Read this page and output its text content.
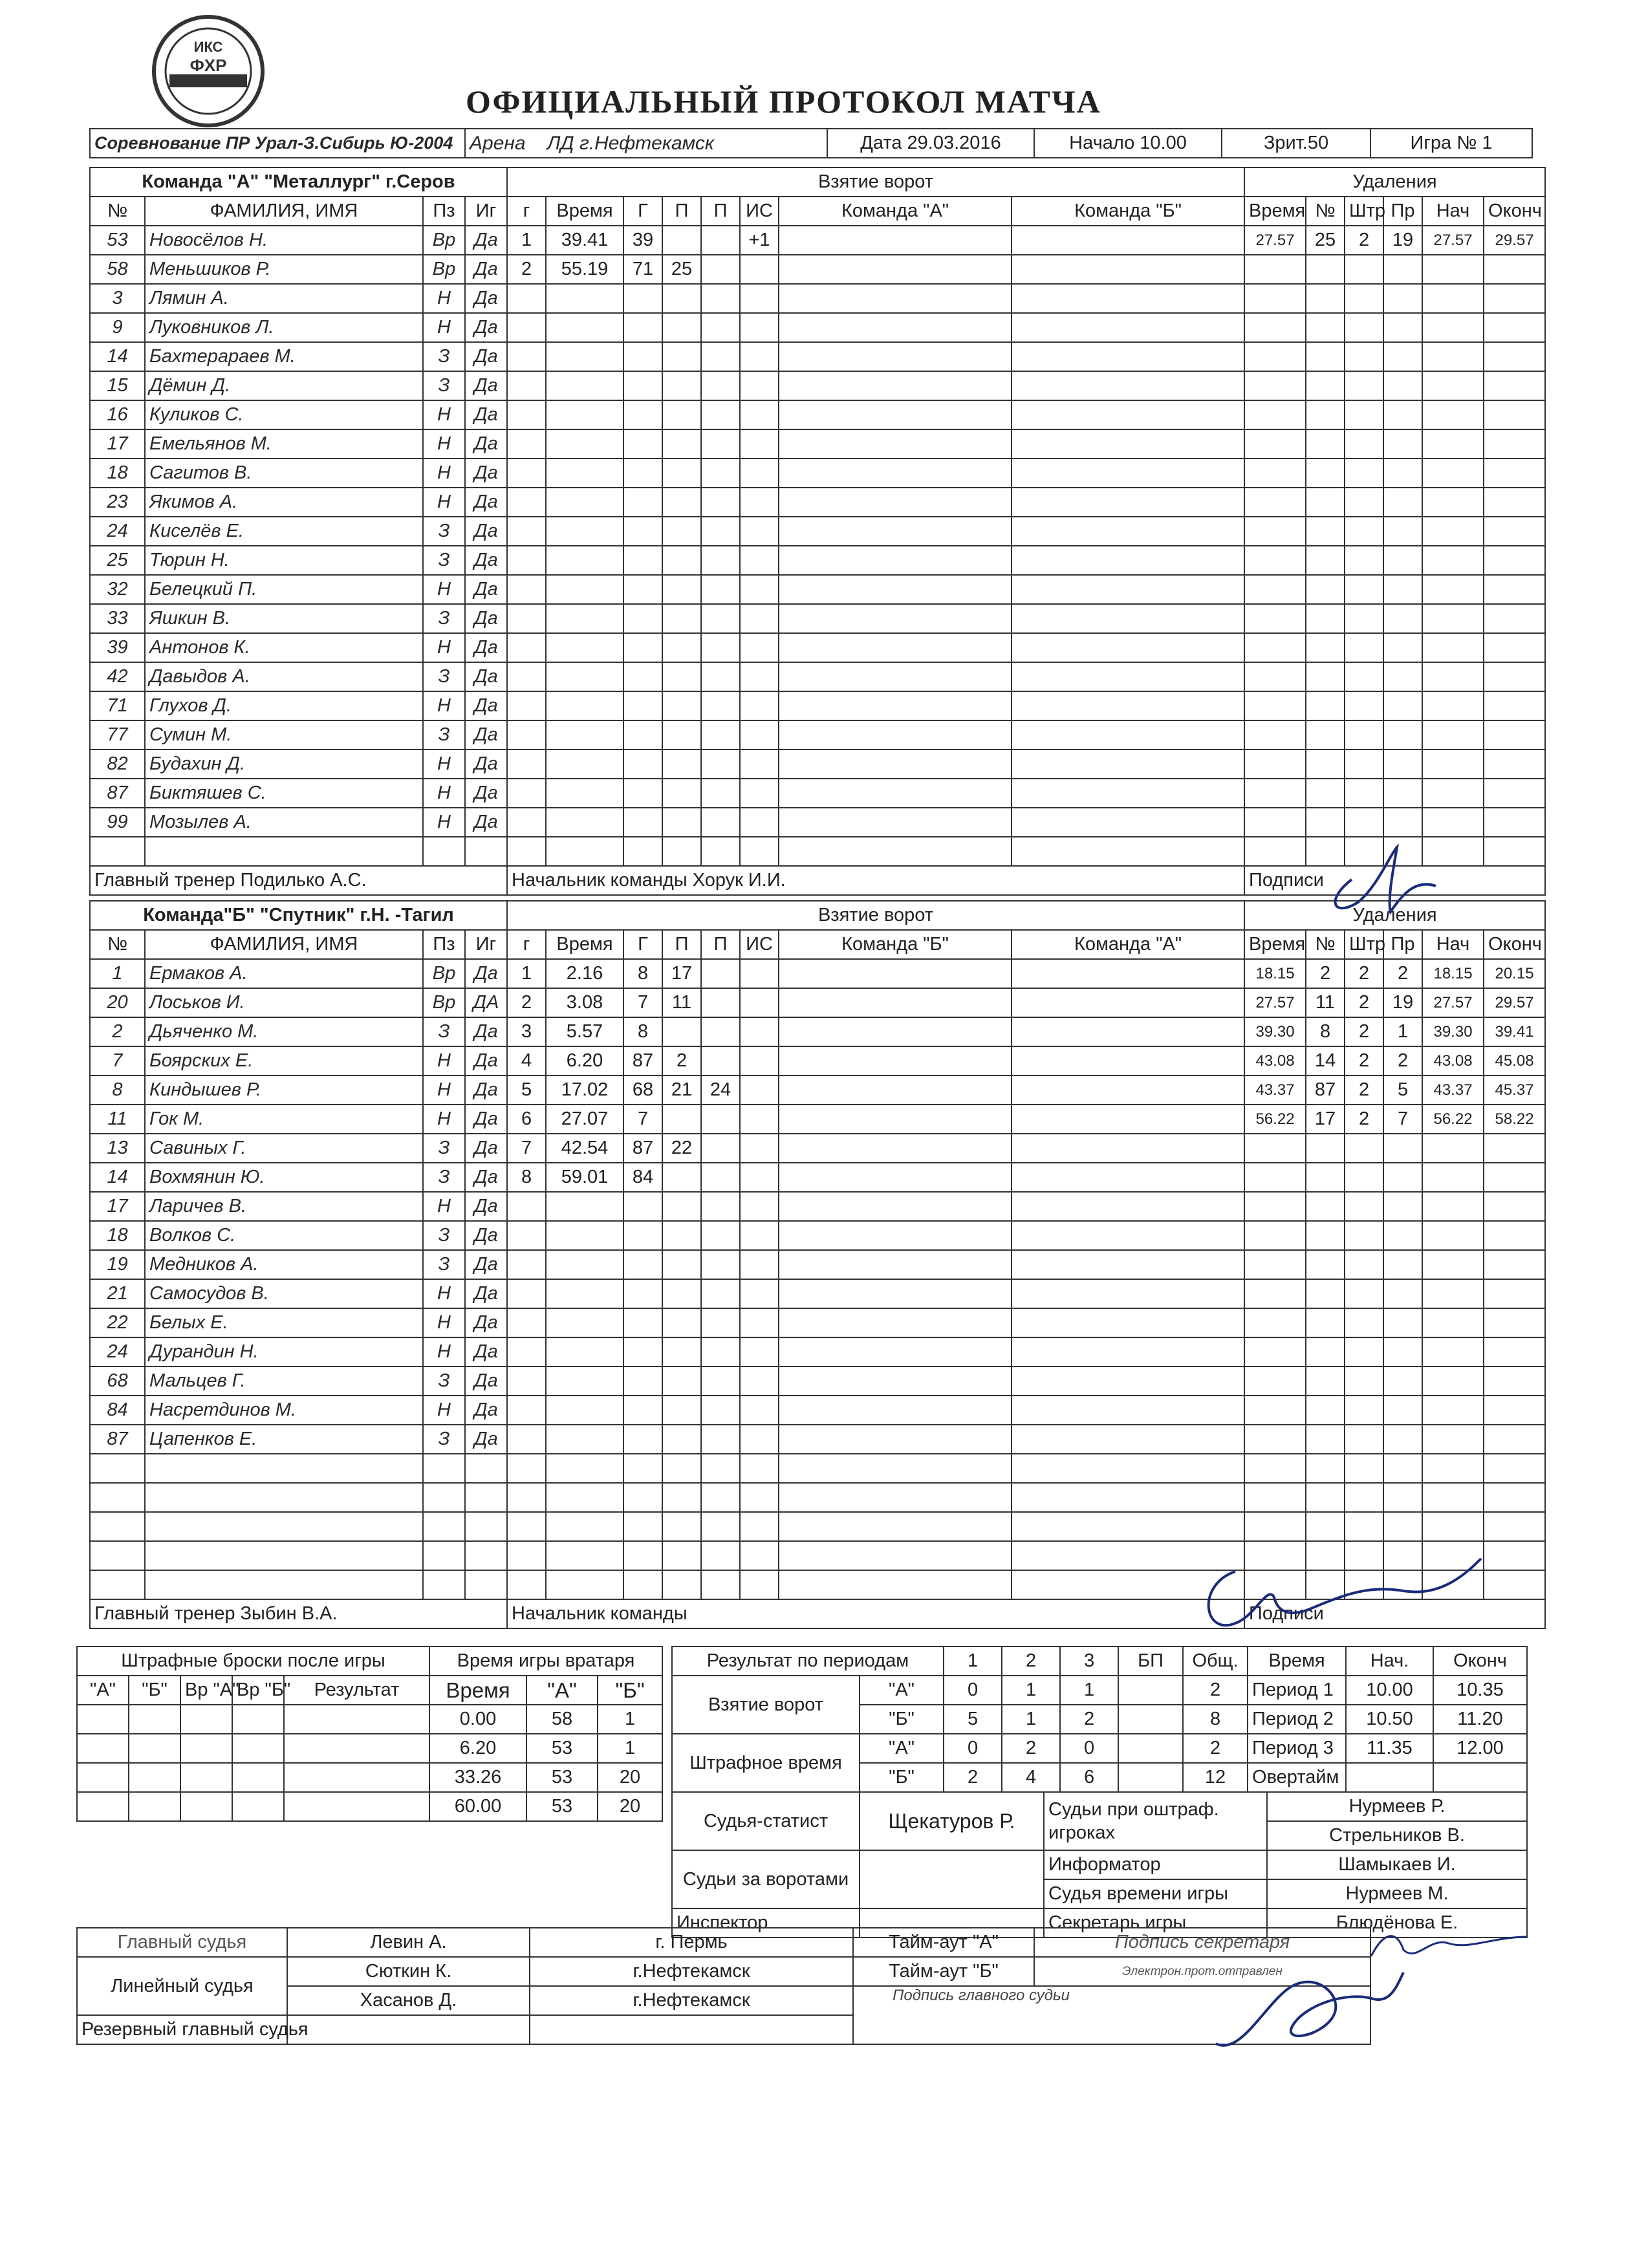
ИКС
ФХР
ОФИЦИАЛЬНЫЙ ПРОТОКОЛ МАТЧА
Соревнование ПР Урал-З.Сибирь Ю-2004	Арена ЛД г.Нефтекамск	Дата 29.03.2016	Начало 10.00	Зрит.50	Игра № 1
Команда "А" "Металлург" г.Серов				Взятие ворот								Удаления					
№	ФАМИЛИЯ, ИМЯ	Пз	Иг	г	Время	Г	П	П	ИС	Команда "А"	Команда "Б"	Время	№	Штр	Пр	Нач	Оконч
53	Новосёлов Н.	Вр	Да	1	39.41	39			+1			27.57	25	2	19	27.57	29.57
58	Меньшиков Р.	Вр	Да	2	55.19	71	25										
3	Лямин А.	Н	Да														
9	Луковников Л.	Н	Да														
14	Бахтерараев М.	З	Да														
15	Дёмин Д.	З	Да														
16	Куликов С.	Н	Да														
17	Емельянов М.	Н	Да														
18	Сагитов В.	Н	Да														
23	Якимов А.	Н	Да														
24	Киселёв Е.	З	Да														
25	Тюрин Н.	З	Да														
32	Белецкий П.	Н	Да														
33	Яшкин В.	З	Да														
39	Антонов К.	Н	Да														
42	Давыдов А.	З	Да														
71	Глухов Д.	Н	Да														
77	Сумин М.	З	Да														
82	Будахин Д.	Н	Да														
87	Биктяшев С.	Н	Да														
99	Мозылев А.	Н	Да														

Главный тренер Подилько А.С.				Начальник команды Хорук И.И.								Подписи					
Команда"Б" "Спутник" г.Н. -Тагил				Взятие ворот								Удаления					
№	ФАМИЛИЯ, ИМЯ	Пз	Иг	г	Время	Г	П	П	ИС	Команда "Б"	Команда "А"	Время	№	Штр	Пр	Нач	Оконч
1	Ермаков А.	Вр	Да	1	2.16	8	17					18.15	2	2	2	18.15	20.15
20	Лоськов И.	Вр	ДА	2	3.08	7	11					27.57	11	2	19	27.57	29.57
2	Дьяченко М.	З	Да	3	5.57	8						39.30	8	2	1	39.30	39.41
7	Боярских Е.	Н	Да	4	6.20	87	2					43.08	14	2	2	43.08	45.08
8	Киндышев Р.	Н	Да	5	17.02	68	21	24				43.37	87	2	5	43.37	45.37
11	Гок М.	Н	Да	6	27.07	7						56.22	17	2	7	56.22	58.22
13	Савиных Г.	З	Да	7	42.54	87	22										
14	Вохмянин Ю.	З	Да	8	59.01	84											
17	Ларичев В.	Н	Да														
18	Волков С.	З	Да														
19	Медников А.	З	Да														
21	Самосудов В.	Н	Да														
22	Белых Е.	Н	Да														
24	Дурандин Н.	Н	Да														
68	Мальцев Г.	З	Да														
84	Насретдинов М.	Н	Да														
87	Цапенков Е.	З	Да														

Главный тренер Зыбин В.А.				Начальник команды								Подписи					
Штрафные броски после игры				
"А"	"Б"	Вр "А"	Вр "Б"	Результат

Время игры вратаря		
Время	"А"	"Б"
0.00	58	1
6.20	53	1
33.26	53	20
60.00	53	20
Результат по периодам		1	2	3	БП	Общ.	Время	Нач.	Оконч
Взятие ворот	"А"	0	1	1		2	Период 1	10.00	10.35
	"Б"	5	1	2		8	Период 2	10.50	11.20
Штрафное время	"А"	0	2	0		2	Период 3	11.35	12.00
	"Б"	2	4	6		12	Овертайм		
Судья-статист	Щекатуров Р.	Судьи при оштраф. игроках	Нурмеев Р.
			Стрельников В.
Судьи за воротами		Информатор	Шамыкаев И.
		Судья времени игры	Нурмеев М.
Инспектор		Секретарь игры	Блюдёнова Е.
Главный судья	Левин А.	г. Пермь	Тайм-аут "А"	Подпись секретаря
Линейный судья	Сюткин К.	г.Нефтекамск	Тайм-аут "Б"	Электрон.прот.отправлен
	Хасанов Д.	г.Нефтекамск	Подпись главного судьи	
Резервный главный судья				
